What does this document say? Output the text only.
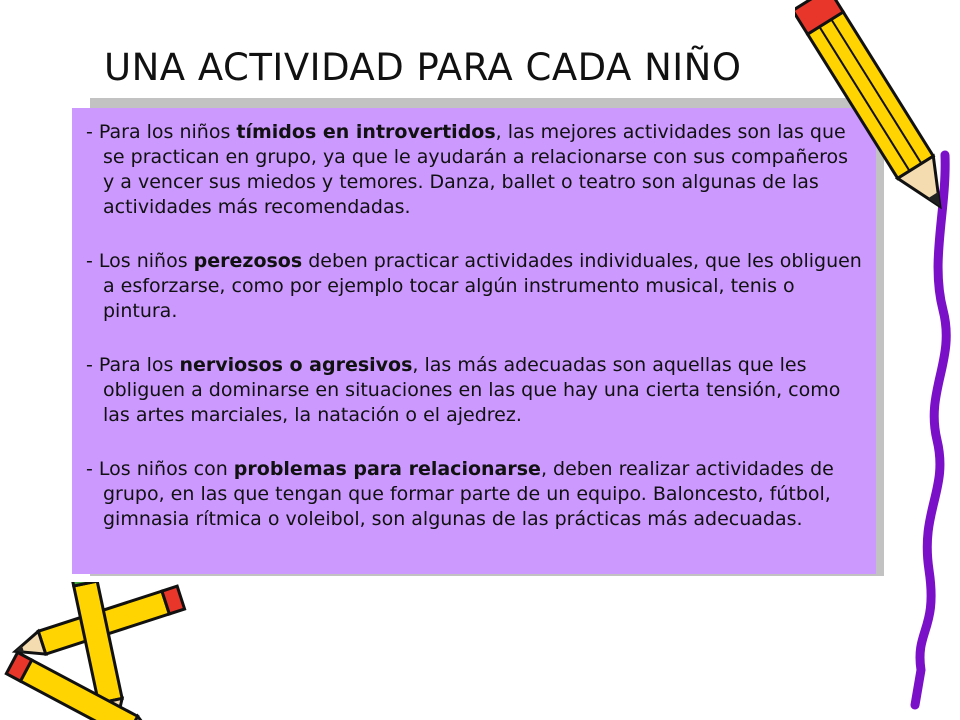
UNA ACTIVIDAD PARA CADA NIÑO

- Para los niños tímidos en introvertidos, las mejores actividades son las que se practican en grupo, ya que le ayudarán a relacionarse con sus compañeros y a vencer sus miedos y temores. Danza, ballet o teatro son algunas de las actividades más recomendadas.

- Los niños perezosos deben practicar actividades individuales, que les obliguen a esforzarse, como por ejemplo tocar algún instrumento musical, tenis o pintura.

- Para los nerviosos o agresivos, las más adecuadas son aquellas que les obliguen a dominarse en situaciones en las que hay una cierta tensión, como las artes marciales, la natación o el ajedrez.

- Los niños con problemas para relacionarse, deben realizar actividades de grupo, en las que tengan que formar parte de un equipo. Baloncesto, fútbol, gimnasia rítmica o voleibol, son algunas de las prácticas más adecuadas.
